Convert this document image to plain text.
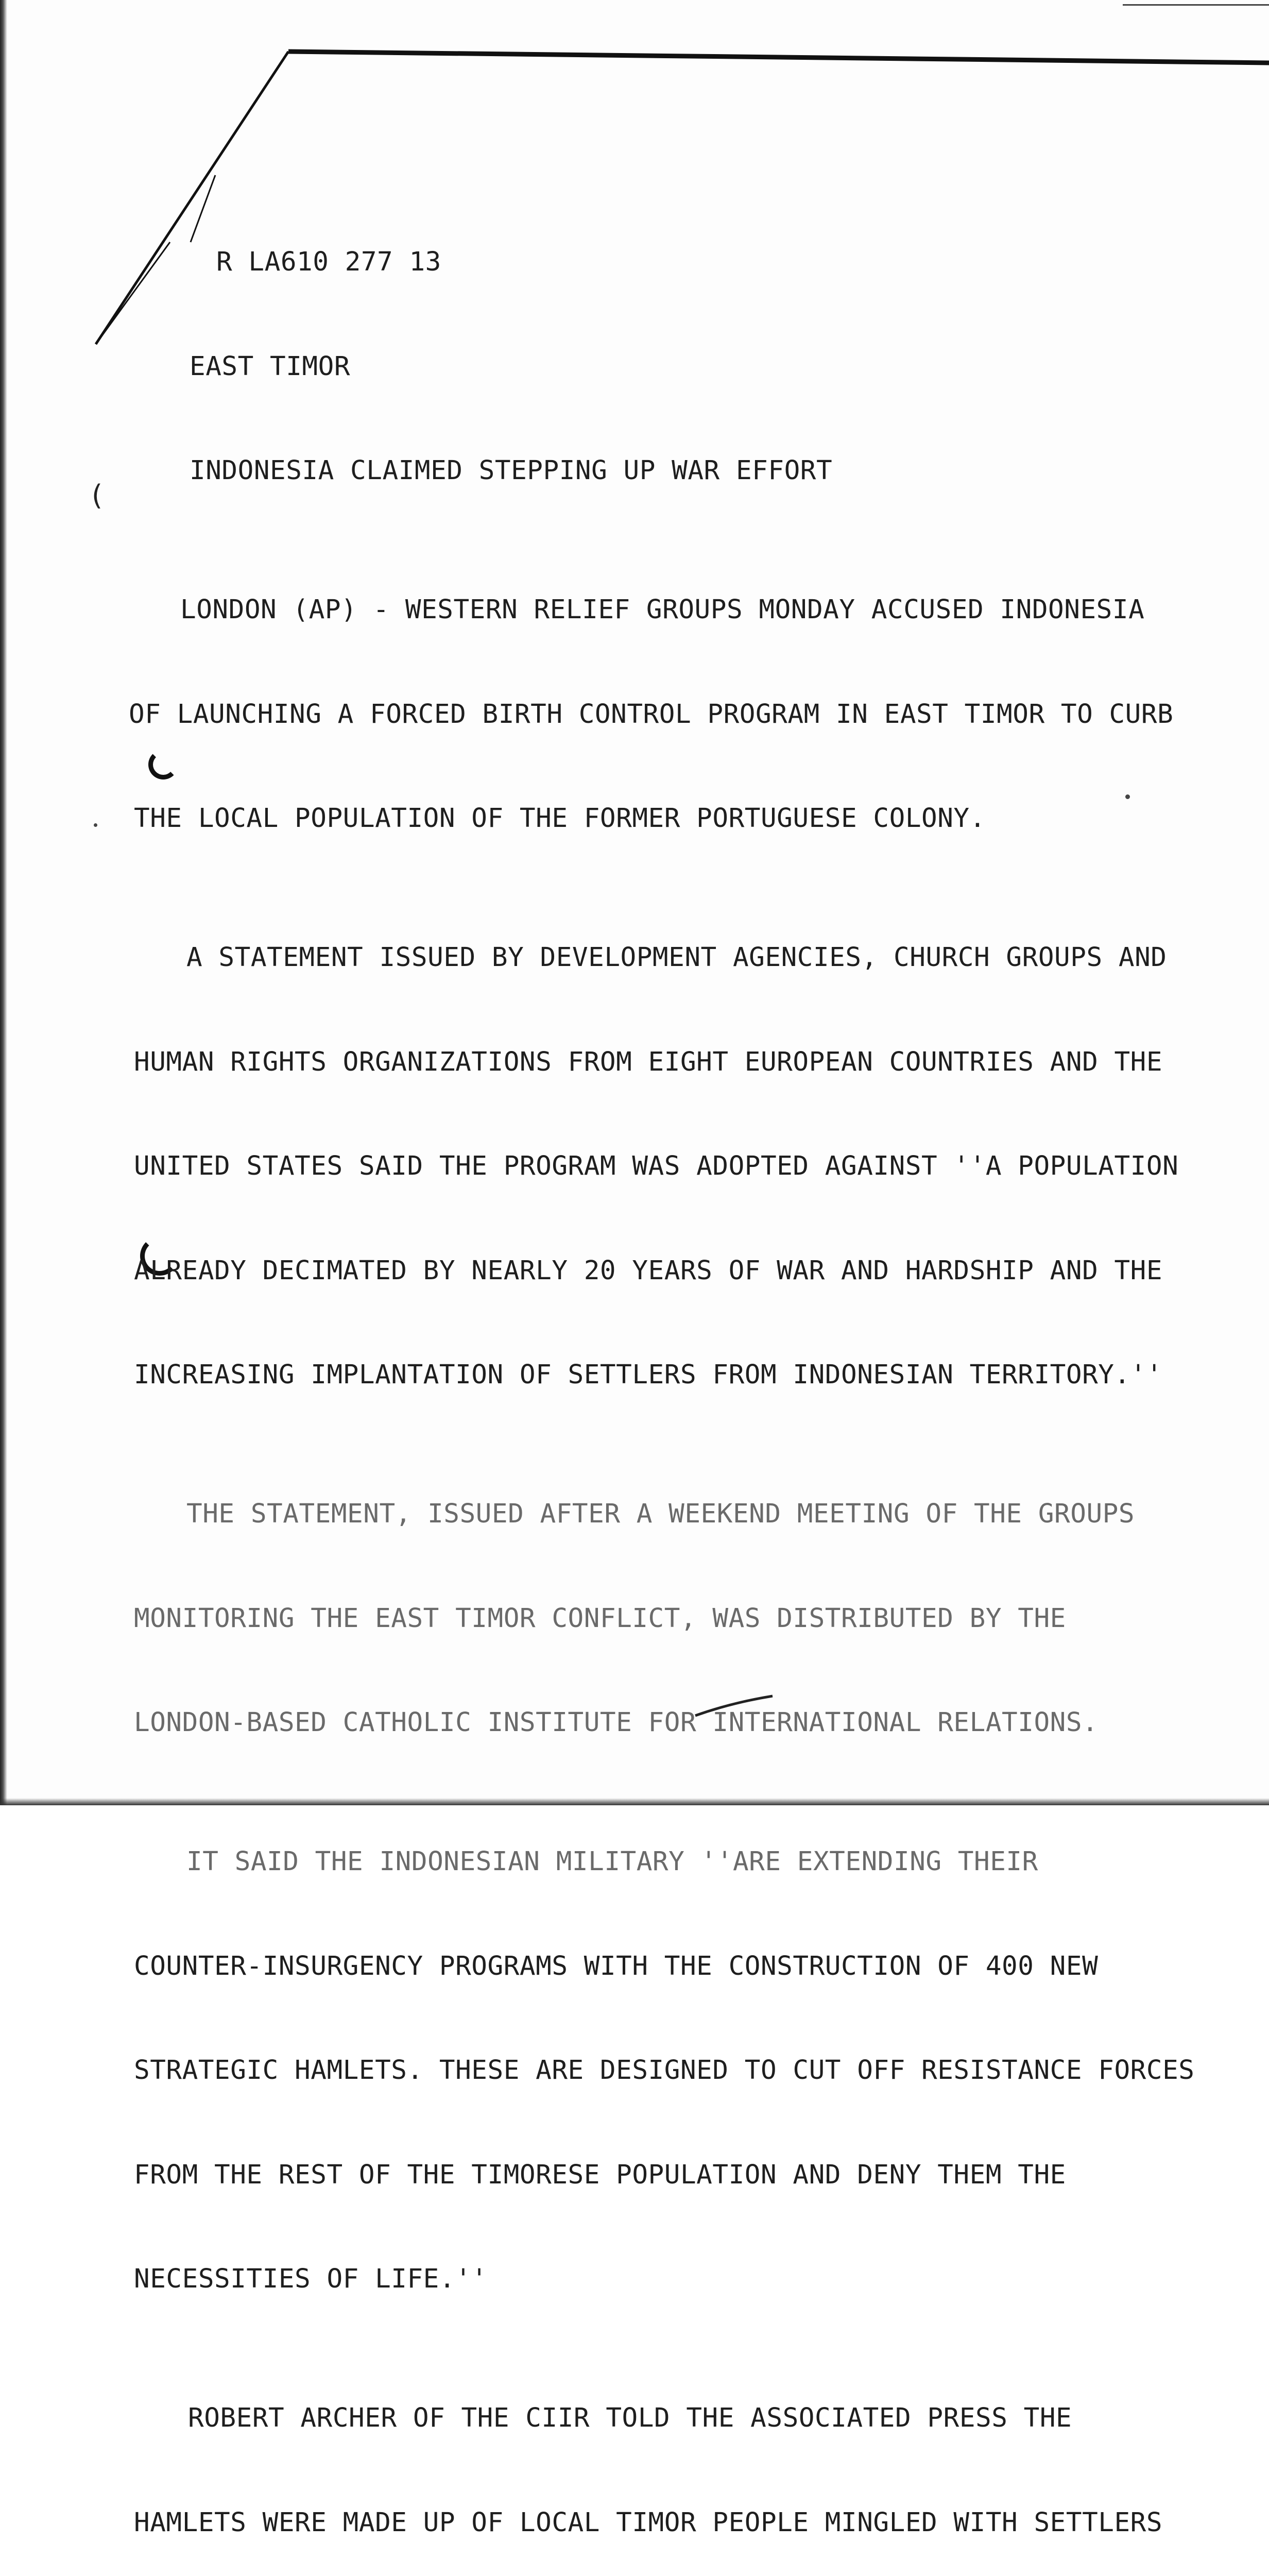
(

R LA610 277 13

EAST TIMOR

INDONESIA CLAIMED STEPPING UP WAR EFFORT

LONDON (AP) - WESTERN RELIEF GROUPS MONDAY ACCUSED INDONESIA

OF LAUNCHING A FORCED BIRTH CONTROL PROGRAM IN EAST TIMOR TO CURB

THE LOCAL POPULATION OF THE FORMER PORTUGUESE COLONY.

A STATEMENT ISSUED BY DEVELOPMENT AGENCIES, CHURCH GROUPS AND

HUMAN RIGHTS ORGANIZATIONS FROM EIGHT EUROPEAN COUNTRIES AND THE

UNITED STATES SAID THE PROGRAM WAS ADOPTED AGAINST ''A POPULATION

ALREADY DECIMATED BY NEARLY 20 YEARS OF WAR AND HARDSHIP AND THE

INCREASING IMPLANTATION OF SETTLERS FROM INDONESIAN TERRITORY.''

THE STATEMENT, ISSUED AFTER A WEEKEND MEETING OF THE GROUPS

MONITORING THE EAST TIMOR CONFLICT, WAS DISTRIBUTED BY THE

LONDON-BASED CATHOLIC INSTITUTE FOR INTERNATIONAL RELATIONS.

IT SAID THE INDONESIAN MILITARY ''ARE EXTENDING THEIR

COUNTER-INSURGENCY PROGRAMS WITH THE CONSTRUCTION OF 400 NEW

STRATEGIC HAMLETS. THESE ARE DESIGNED TO CUT OFF RESISTANCE FORCES

FROM THE REST OF THE TIMORESE POPULATION AND DENY THEM THE

NECESSITIES OF LIFE.''

ROBERT ARCHER OF THE CIIR TOLD THE ASSOCIATED PRESS THE

HAMLETS WERE MADE UP OF LOCAL TIMOR PEOPLE MINGLED WITH SETTLERS
